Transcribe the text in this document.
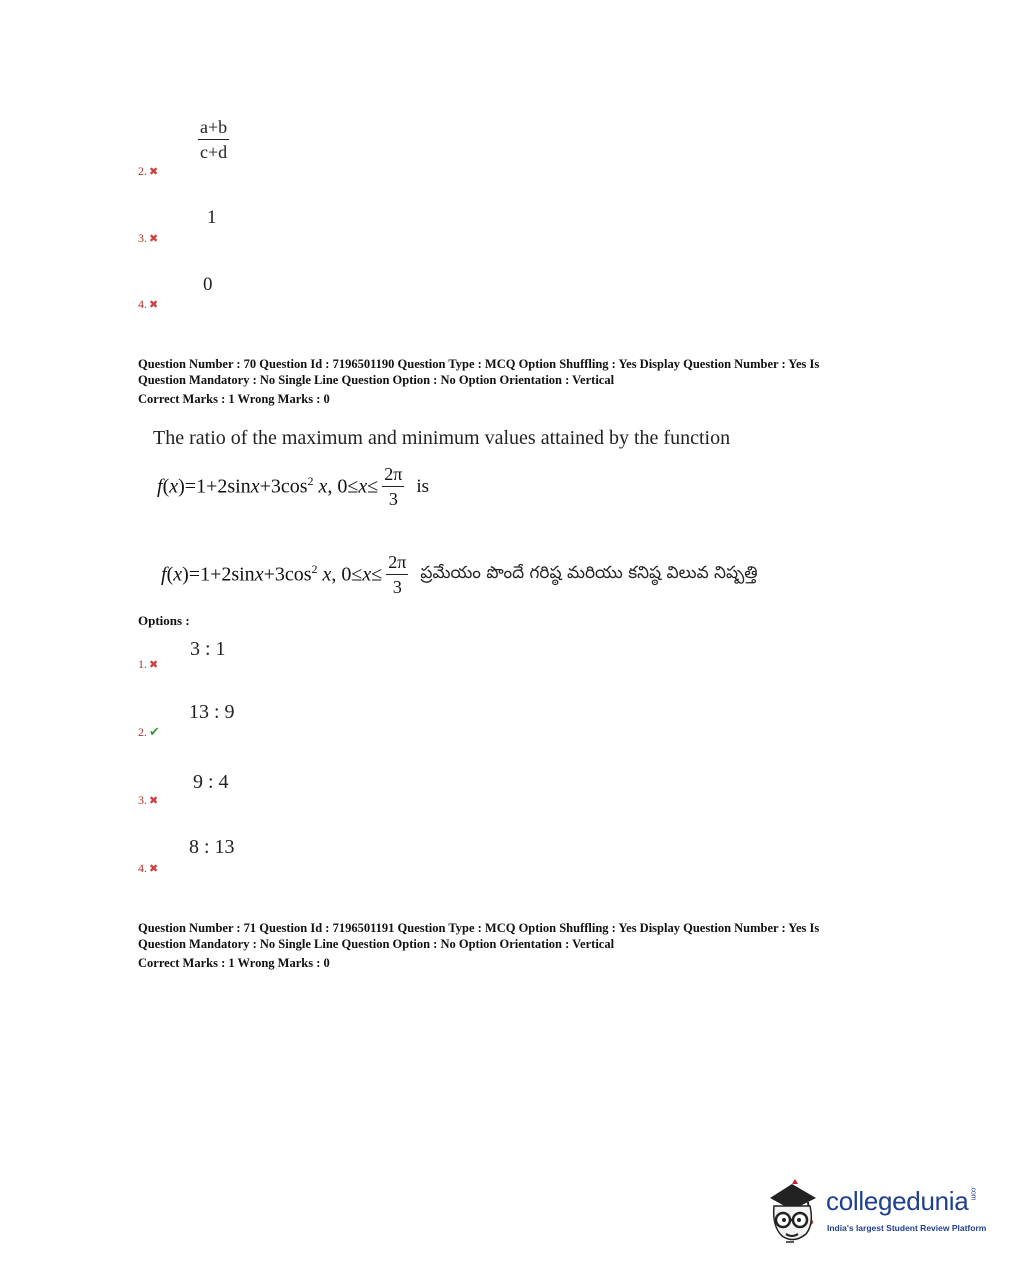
$\frac{a+b}{c+d}$
2. ✖
1
3. ✖
0
4. ✖
Question Number : 70 Question Id : 7196501190 Question Type : MCQ Option Shuffling : Yes Display Question Number : Yes Is
Question Mandatory : No Single Line Question Option : No Option Orientation : Vertical
Correct Marks : 1 Wrong Marks : 0
The ratio of the maximum and minimum values attained by the function
$f(x)=1+2\sin x+3\cos^2$ x, $0\le x\le \frac{2\pi}{3}$ is
$f(x)=1+2\sin x+3\cos^2$ x, $0\le x\le \frac{2\pi}{3}$ ప్రమేయం పొందే గరిష్ఠ మరియు కనిష్ఠ విలువ నిష్పత్తి
Options :
3 : 1
1. ✖
13 : 9
2. ✔
9 : 4
3. ✖
8 : 13
4. ✖
Question Number : 71 Question Id : 7196501191 Question Type : MCQ Option Shuffling : Yes Display Question Number : Yes Is
Question Mandatory : No Single Line Question Option : No Option Orientation : Vertical
Correct Marks : 1 Wrong Marks : 0
collegedunia.com
India's largest Student Review Platform
